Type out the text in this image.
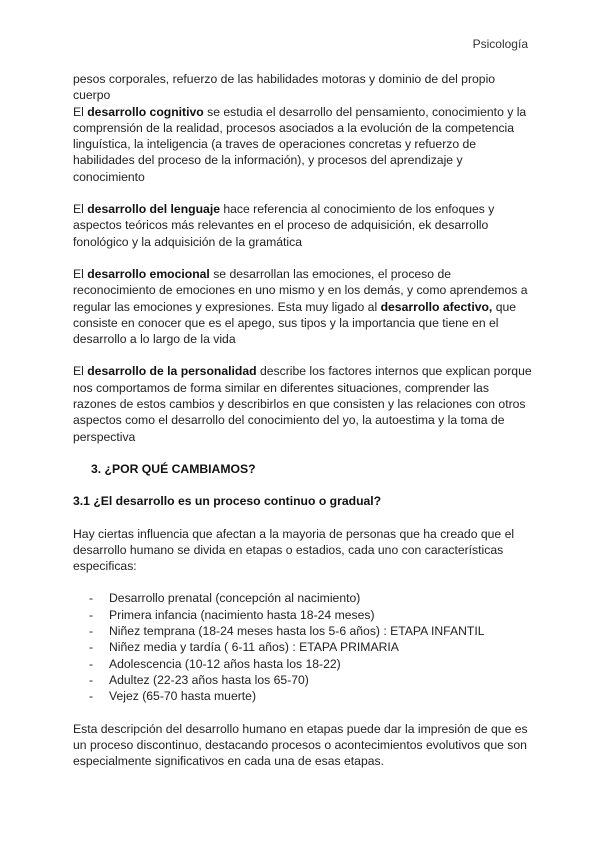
Psicología

pesos corporales, refuerzo de las habilidades motoras y dominio de del propio cuerpo

El desarrollo cognitivo se estudia el desarrollo del pensamiento, conocimiento y la comprensión de la realidad, procesos asociados a la evolución de la competencia linguística, la inteligencia (a traves de operaciones concretas y refuerzo de habilidades del proceso de la información), y procesos del aprendizaje y conocimiento

El desarrollo del lenguaje hace referencia al conocimiento de los enfoques y aspectos teóricos más relevantes en el proceso de adquisición, ek desarrollo fonológico y la adquisición de la gramática

El desarrollo emocional se desarrollan las emociones, el proceso de reconocimiento de emociones en uno mismo y en los demás, y como aprendemos a regular las emociones y expresiones. Esta muy ligado al desarrollo afectivo, que consiste en conocer que es el apego, sus tipos y la importancia que tiene en el desarrollo a lo largo de la vida

El desarrollo de la personalidad describe los factores internos que explican porque nos comportamos de forma similar en diferentes situaciones, comprender las razones de estos cambios y describirlos en que consisten y las relaciones con otros aspectos como el desarrollo del conocimiento del yo, la autoestima y la toma de perspectiva

3. ¿POR QUÉ CAMBIAMOS?

3.1 ¿El desarrollo es un proceso continuo o gradual?

Hay ciertas influencia que afectan a la mayoria de personas que ha creado que el desarrollo humano se divida en etapas o estadios, cada uno con características especificas:

- Desarrollo prenatal (concepción al nacimiento)
- Primera infancia (nacimiento hasta 18-24 meses)
- Niñez temprana (18-24 meses hasta los 5-6 años) : ETAPA INFANTIL
- Niñez media y tardía ( 6-11 años) : ETAPA PRIMARIA
- Adolescencia (10-12 años hasta los 18-22)
- Adultez (22-23 años hasta los 65-70)
- Vejez (65-70 hasta muerte)

Esta descripción del desarrollo humano en etapas puede dar la impresión de que es un proceso discontinuo, destacando procesos o acontecimientos evolutivos que son especialmente significativos en cada una de esas etapas.
